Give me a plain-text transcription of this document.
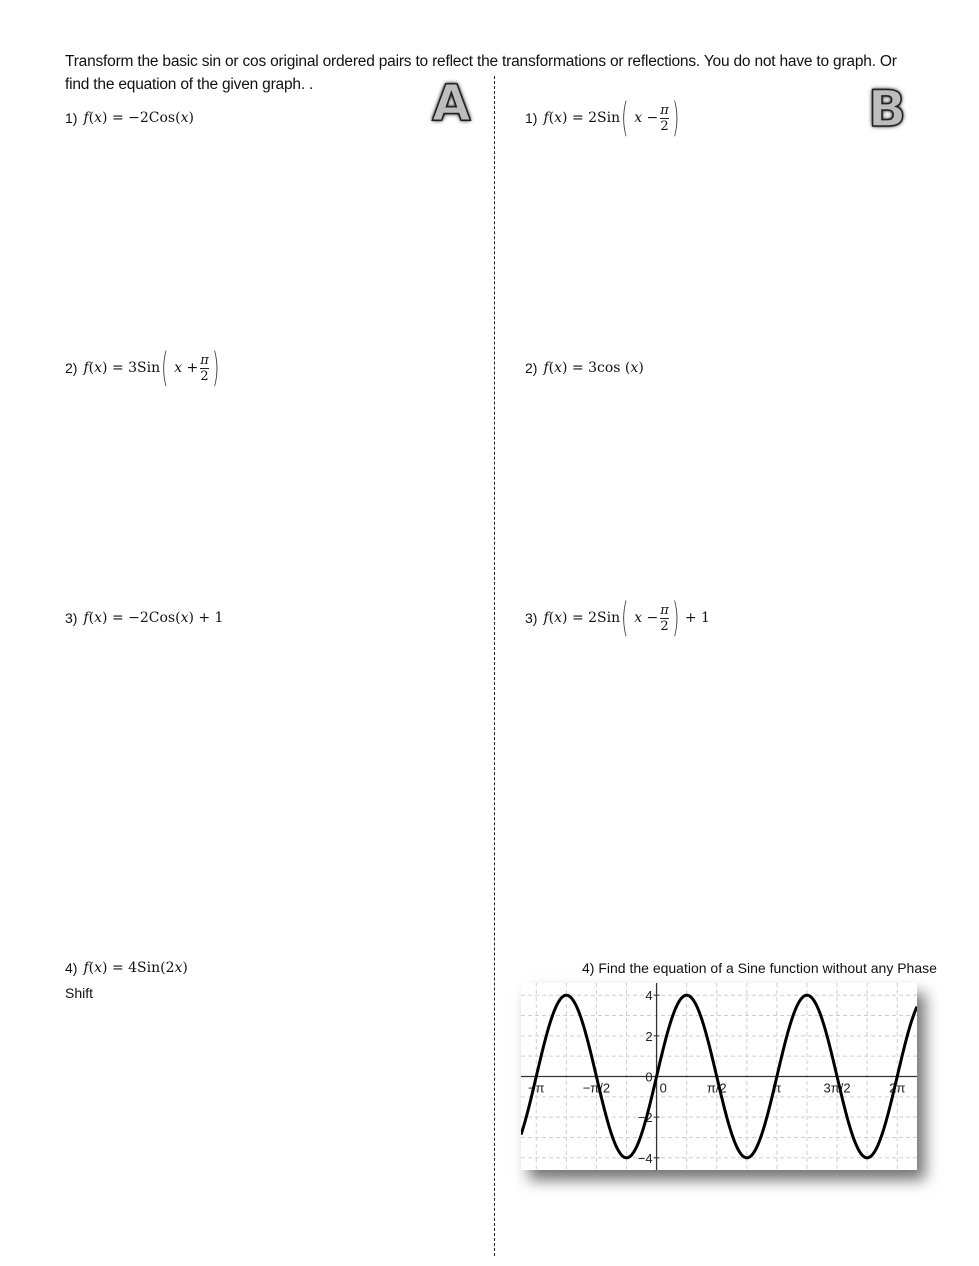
Transform the basic sin or cos original ordered pairs to reflect the transformations or reflections. You do not have to graph. Or find the equation of the given graph. .	A	B
1) f ( x ) =
−2Cos( x )
2) f ( x ) =
3Sin (
$x + \frac{\pi}{2}$ )
3) f ( x ) =
−2Cos( x ) + 1
4) f ( x ) =
4Sin(2 x )
Shift
1) f ( x ) =
2Sin (
$x - \frac{\pi}{2}$ )
2) f ( x ) =
3cos ( x )
3) f ( x ) =
2Sin (
$x - \frac{\pi}{2}$ )
+ 1
4) Find the equation of a Sine function without any Phase
4
2
0
−2
−4
−π	−π/2	0	π/2	π	3π/2	2π
